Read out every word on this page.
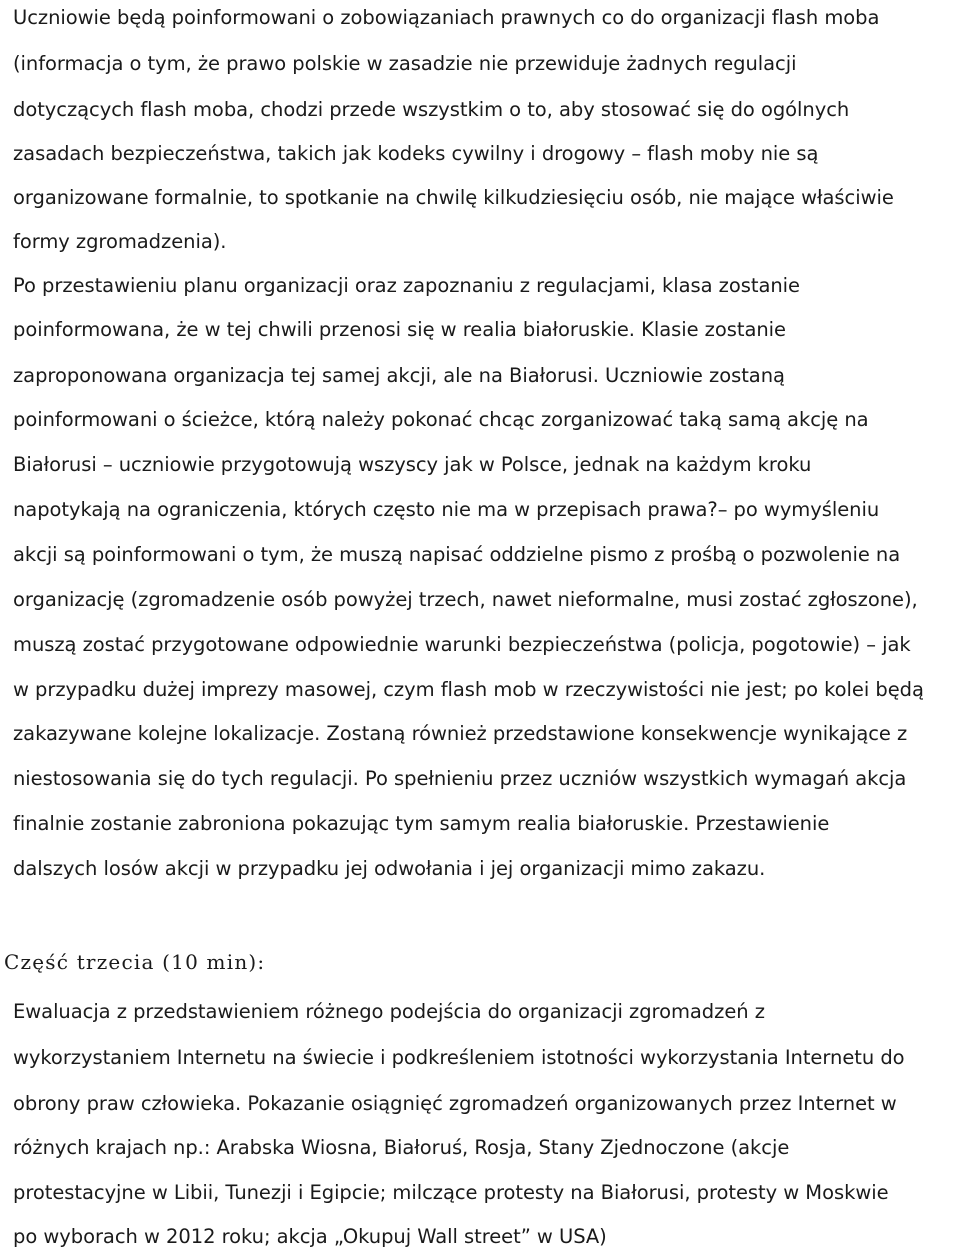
Uczniowie będą poinformowani o zobowiązaniach prawnych co do organizacji flash moba
(informacja o tym, że prawo polskie w zasadzie nie przewiduje żadnych regulacji
dotyczących flash moba, chodzi przede wszystkim o to, aby stosować się do ogólnych
zasadach bezpieczeństwa, takich jak kodeks cywilny i drogowy – flash moby nie są
organizowane formalnie, to spotkanie na chwilę kilkudziesięciu osób, nie mające właściwie
formy zgromadzenia).
Po przestawieniu planu organizacji oraz zapoznaniu z regulacjami, klasa zostanie
poinformowana, że w tej chwili przenosi się w realia białoruskie. Klasie zostanie
zaproponowana organizacja tej samej akcji, ale na Białorusi. Uczniowie zostaną
poinformowani o ścieżce, którą należy pokonać chcąc zorganizować taką samą akcję na
Białorusi – uczniowie przygotowują wszyscy jak w Polsce, jednak na każdym kroku
napotykają na ograniczenia, których często nie ma w przepisach prawa?– po wymyśleniu
akcji są poinformowani o tym, że muszą napisać oddzielne pismo z prośbą o pozwolenie na
organizację (zgromadzenie osób powyżej trzech, nawet nieformalne, musi zostać zgłoszone),
muszą zostać przygotowane odpowiednie warunki bezpieczeństwa (policja, pogotowie) – jak
w przypadku dużej imprezy masowej, czym flash mob w rzeczywistości nie jest; po kolei będą
zakazywane kolejne lokalizacje. Zostaną również przedstawione konsekwencje wynikające z
niestosowania się do tych regulacji. Po spełnieniu przez uczniów wszystkich wymagań akcja
finalnie zostanie zabroniona pokazując tym samym realia białoruskie. Przestawienie
dalszych losów akcji w przypadku jej odwołania i jej organizacji mimo zakazu.
Część trzecia (10 min):
Ewaluacja z przedstawieniem różnego podejścia do organizacji zgromadzeń z
wykorzystaniem Internetu na świecie i podkreśleniem istotności wykorzystania Internetu do
obrony praw człowieka. Pokazanie osiągnięć zgromadzeń organizowanych przez Internet w
różnych krajach np.: Arabska Wiosna, Białoruś, Rosja, Stany Zjednoczone (akcje
protestacyjne w Libii, Tunezji i Egipcie; milczące protesty na Białorusi, protesty w Moskwie
po wyborach w 2012 roku; akcja „Okupuj Wall street” w USA)
